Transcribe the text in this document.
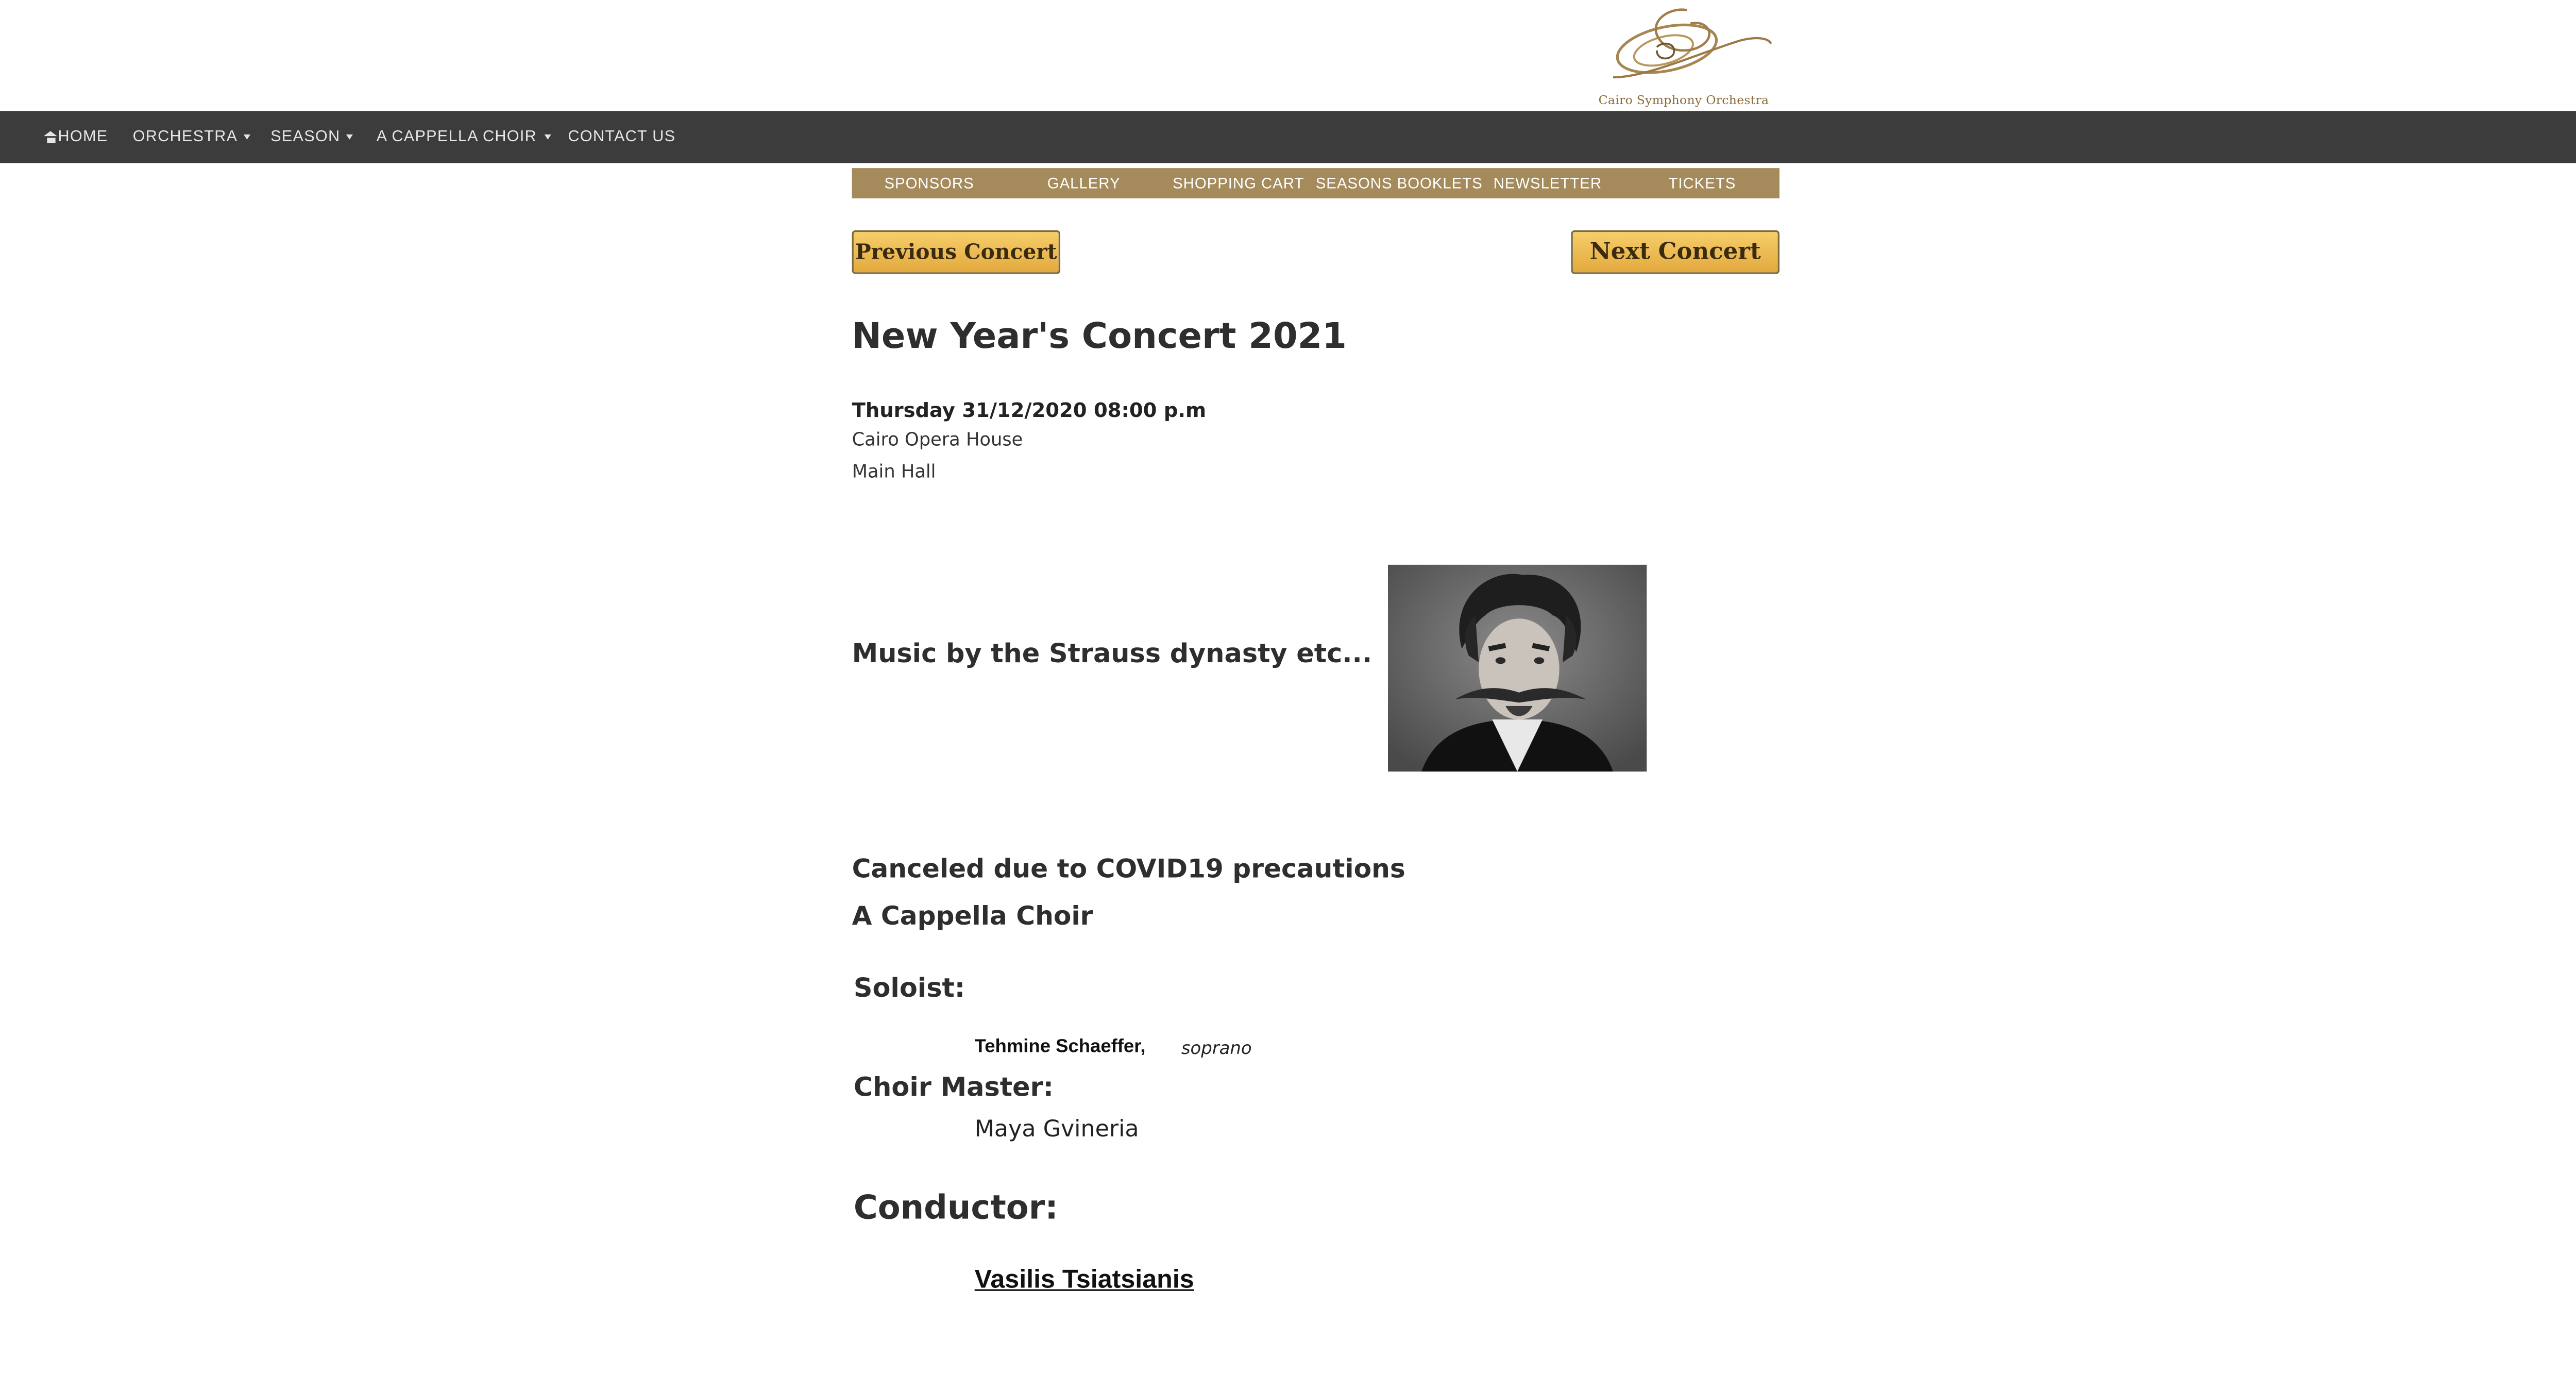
Cairo Symphony Orchestra
HOME	ORCHESTRA	SEASON	A CAPPELLA CHOIR	CONTACT US
SPONSORS	GALLERY	SHOPPING CART	SEASONS BOOKLETS	NEWSLETTER	TICKETS
Previous Concert	Next Concert
New Year's Concert 2021
Thursday 31/12/2020 08:00 p.m
Cairo Opera House
Main Hall
Music by the Strauss dynasty etc...
Canceled due to COVID19 precautions
A Cappella Choir
Soloist:
Tehmine Schaeffer,	soprano
Choir Master:
Maya Gvineria
Conductor:
Vasilis Tsiatsianis
